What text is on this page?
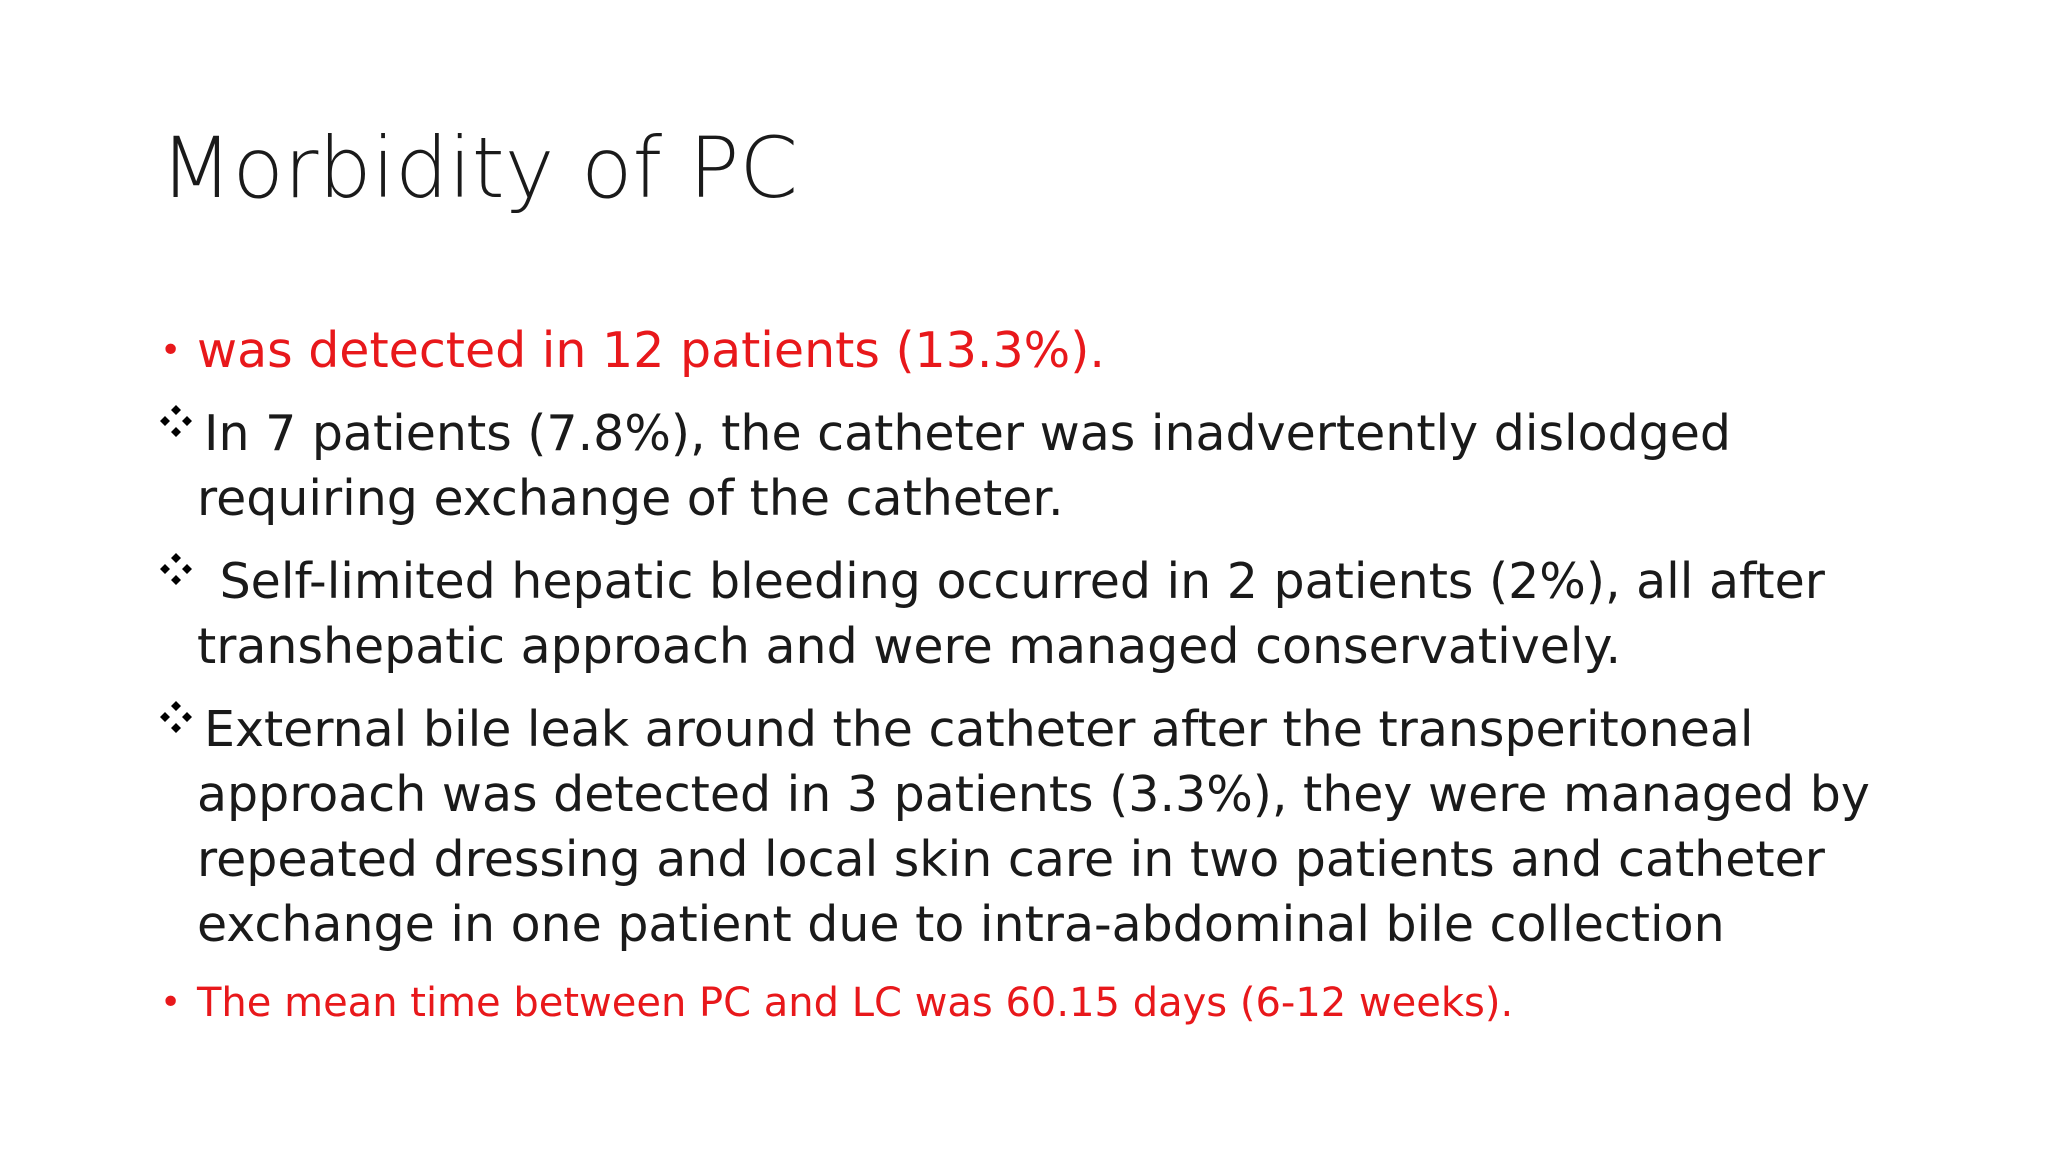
Morbidity of PC
• was detected in 12 patients (13.3%).
In 7 patients (7.8%), the catheter was inadvertently dislodged
requiring exchange of the catheter.
Self-limited hepatic bleeding occurred in 2 patients (2%), all after
transhepatic approach and were managed conservatively.
External bile leak around the catheter after the transperitoneal
approach was detected in 3 patients (3.3%), they were managed by
repeated dressing and local skin care in two patients and catheter
exchange in one patient due to intra-abdominal bile collection
• The mean time between PC and LC was 60.15 days (6-12 weeks).
